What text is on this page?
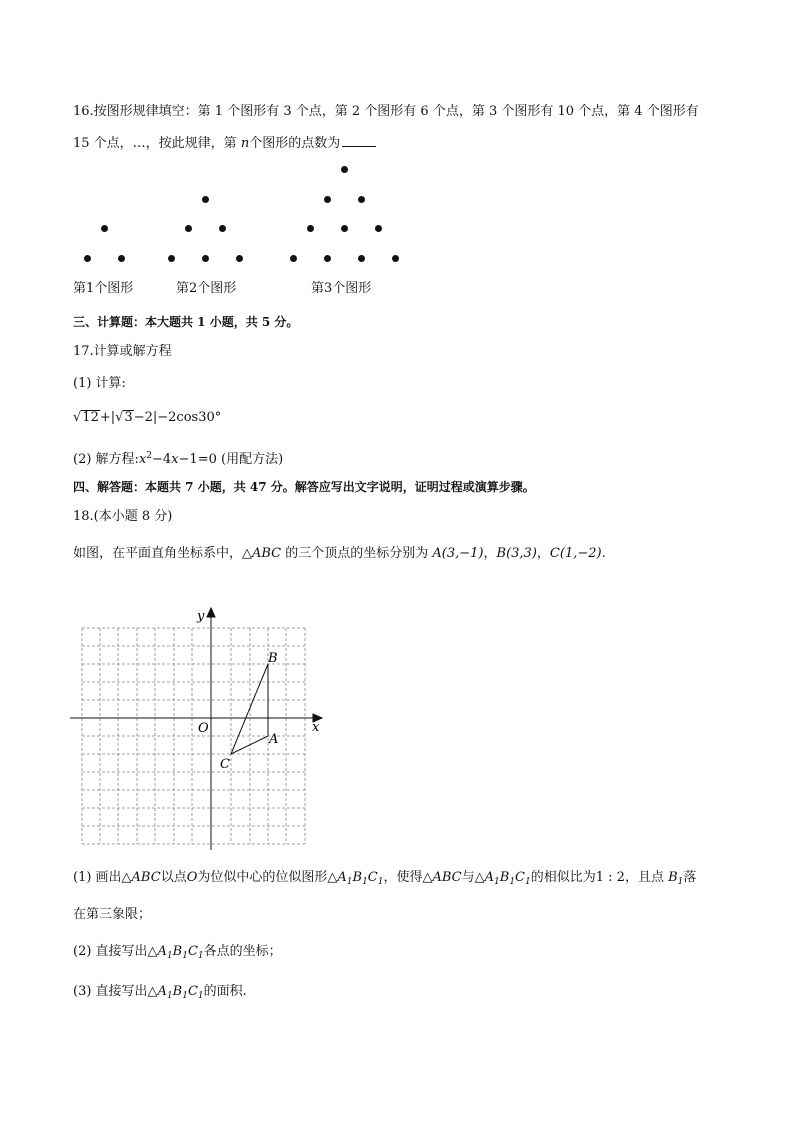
16.按图形规律填空：第 1 个图形有 3 个点，第 2 个图形有 6 个点，第 3 个图形有 10 个点，第 4 个图形有
15 个点，…，按此规律，第 n个图形的点数为
第1个图形	第2个图形	第3个图形
三、计算题：本大题共 1 小题，共 5 分。
17.计算或解方程
(1) 计算:
√12+|√3−2|−2cos30°
(2) 解方程$:x^2-4x-1=0$ (用配方法)
四、解答题：本题共 7 小题，共 47 分。解答应写出文字说明，证明过程或演算步骤。
18.(本小题 8 分)
如图，在平面直角坐标系中，△ABC 的三个顶点的坐标分别为 A(3,−1)，B(3,3)，C(1,−2).
x
y
O
A
B
C
(1) 画出△ABC以点O为位似中心的位似图形$\triangle A_1B_1C_1$，使得△ABC与$\triangle A_1B_1C_1$的相似比为1 : 2，且点 $B_1$落
在第三象限；
(2) 直接写出$\triangle A_1B_1C_1$各点的坐标；
(3) 直接写出$\triangle A_1B_1C_1$的面积.
